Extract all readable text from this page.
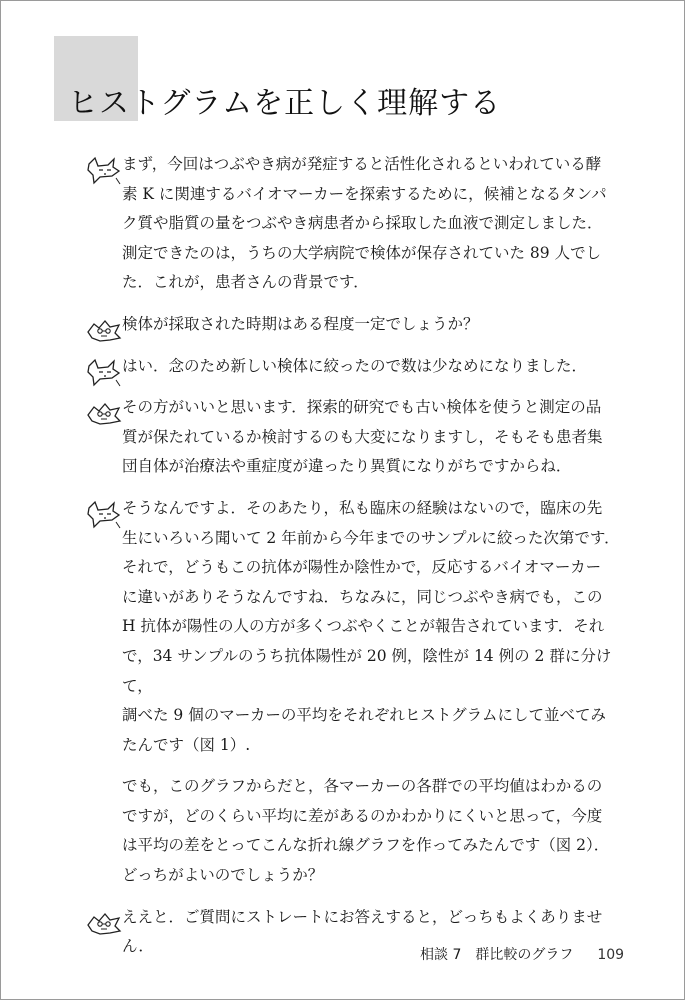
ヒストグラムを正しく理解する
まず，今回はつぶやき病が発症すると活性化されるといわれている酵
素 K に関連するバイオマーカーを探索するために，候補となるタンパ
ク質や脂質の量をつぶやき病患者から採取した血液で測定しました．
測定できたのは，うちの大学病院で検体が保存されていた 89 人でし
た．これが，患者さんの背景です．
検体が採取された時期はある程度一定でしょうか？
はい．念のため新しい検体に絞ったので数は少なめになりました．
その方がいいと思います．探索的研究でも古い検体を使うと測定の品
質が保たれているか検討するのも大変になりますし，そもそも患者集
団自体が治療法や重症度が違ったり異質になりがちですからね．
そうなんですよ．そのあたり，私も臨床の経験はないので，臨床の先
生にいろいろ聞いて 2 年前から今年までのサンプルに絞った次第です．
それで，どうもこの抗体が陽性か陰性かで，反応するバイオマーカー
に違いがありそうなんですね．ちなみに，同じつぶやき病でも，この
H 抗体が陽性の人の方が多くつぶやくことが報告されています．それ
で，34 サンプルのうち抗体陽性が 20 例，陰性が 14 例の 2 群に分けて，
調べた 9 個のマーカーの平均をそれぞれヒストグラムにして並べてみ
たんです（図 1）.
でも，このグラフからだと，各マーカーの各群での平均値はわかるの
ですが，どのくらい平均に差があるのかわかりにくいと思って，今度
は平均の差をとってこんな折れ線グラフを作ってみたんです（図 2）．
どっちがよいのでしょうか？
ええと．ご質問にストレートにお答えすると，どっちもよくありません．	相談 7　群比較のグラフ 109
